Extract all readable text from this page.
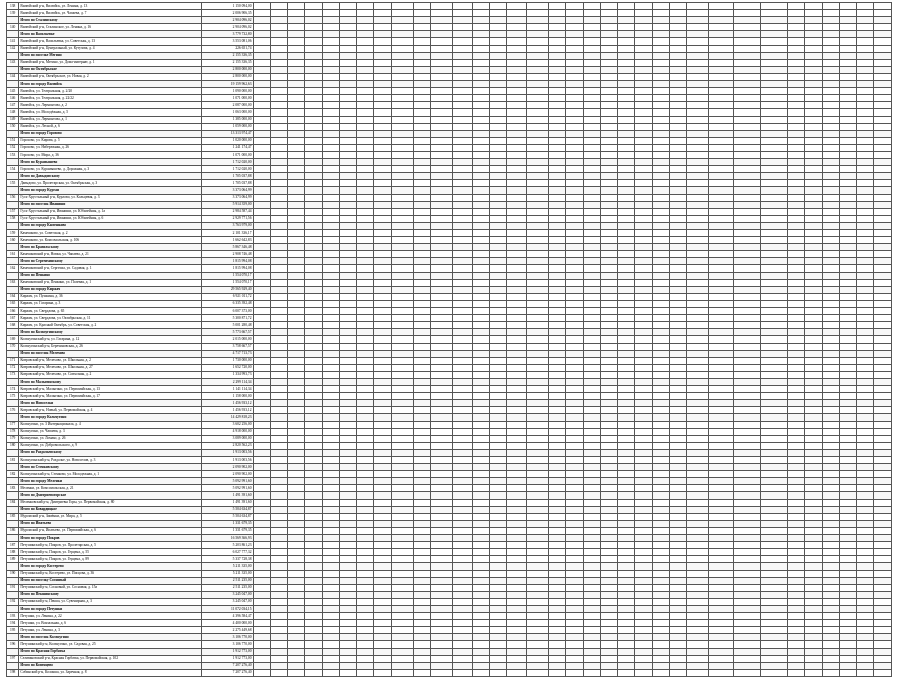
138	Вилюйский р-н, Вилюйск, ул. Ленина, д. 13	1 150 094,00																																		
139	Вилюйский р-н, Вилюйск, ул. Чапаева, д. 7	2 006 906,35																																		
	Итого по Сталинскому	2 904 096,02																																		
140	Вилюйский р-н, Сталинское, ул. Ленина, д. 16	2 904 096,02																																		
	Итого по Васильевке	3 779 732,80																																		
141	Вилюйский р-н, Васильевка, ул. Советская, д. 13	3 553 081,06																																		
142	Вилюйский р-н, Центральный, ул. Кутузова, д. 4	226 651,74																																		
	Итого по поселке Мегино	2 155 336,35																																		
143	Вилюйский р-н, Мегино, ул. Дома-интернат, д. 1	2 155 336,35																																		
	Итого по Октябрьское	2 800 000,00																																		
144	Вилюйский р-н, Октябрьское, ул. Новая, д. 2	2 800 000,00																																		
	Итого по городу Вилюйск	19 159 962,63																																		
145	Вилюйск, ул. Театральная, д. 2/20	1 090 000,00																																		
146	Вилюйск, ул. Театральная, д. 22/22	1 071 000,00																																		
147	Вилюйск, ул. Лермонтова, д. 2	2 087 000,00																																		
148	Вилюйск, ул. Молодёжная, д. 5	1 063 000,00																																		
149	Вилюйск, ул. Лермонтова, д. 1	1 385 000,00																																		
150	Вилюйск, ул. Лесной, д. 6	1 059 000,00																																		
	Итого по городу Горохово	13 313 974,47																																		
151	Горохово, ул. Кирова, д. 5	1 020 000,00																																		
152	Горохово, ул. Набережная, д. 26	1 241 174,47																																		
153	Горохово, ул. Мира, д. 36	1 071 000,00																																		
	Итого по Курамышево	1 712 020,00																																		
154	Горохово, ул. Курамышево, д. Дорожная, д. 3	1 712 020,00																																		
	Итого по Давыдовскому	1 705 037,88																																		
155	Давыдово, ул. Пролетарская, ул. Октябрьская, д. 3	1 705 037,88																																		
	Итого по городу Курган	3 373 064,99																																		
156	Гусь-Хрустальный р-н, Курлово, ул. Кольцевая, д. 3	3 373 064,99																																		
	Итого по поселок Иваниши	5 914 359,00																																		
157	Гусь-Хрустальный р-н, Иваниши, ул. Юбилейная, д. 1а	2 984 587,44																																		
158	Гусь-Хрустальный р-н, Иваниши, ул. Юбилейная, д. 6	2 929 771,56																																		
	Итого по городу Камешково	3 763 979,00																																		
159	Камешково, ул. Советская, д. 2	2 101 336,17																																		
160	Камешково, ул. Комсомольская, д. 106	1 662 642,83																																		
	Итого по Бразильскому	5 867 346,48																																		
161	Камешковский р-н, Новки, ул. Чапаева, д. 21	2 908 746,48																																		
	Итого по Сергеихинскому	1 815 994,08																																		
162	Камешковский р-н, Сергеиха, ул. Садовая, д. 1	1 815 994,08																																		
	Итого по Пенкино	1 554 070,17																																		
163	Камешковский р-н, Пенкино, ул. Полевая, д. 1	1 554 070,17																																		
	Итого по городу Киржач	29 565 929,40																																		
164	Киржач, ул. Пушкина, д. 36	6 921 011,72																																		
165	Киржач, ул. Гагарина, д. 3	6 335 392,48																																		
166	Киржач, ул. Свердлова, д. 65	6 007 373,00																																		
167	Киржач, ул. Свердлова, ул. Октябрьская, д. 11	5 300 871,72																																		
168	Киржач, ул. Красный Октябрь, ул. Советская, д. 2	5 001 280,48																																		
	Итого по Кольчугинскому	5 773 667,57																																		
169	Кольчугинский р-н, ул. Гагарина, д. 12	2 015 000,00																																		
170	Кольчугинский р-н, Беречиновская, д. 26	3 758 667,57																																		
	Итого по поселок Мелехово	4 717 713,73																																		
171	Ковровский р-н, Мелехово, ул. Школьная, д. 2	1 730 000,00																																		
172	Ковровский р-н, Мелехово, ул. Школьная, д. 27	1 652 720,00																																		
173	Ковровский р-н, Мелехово, ул. Совхозная, д. 2	1 334 993,73																																		
	Итого по Малыгинскому	2 299 114,34																																		
174	Ковровский р-н, Малыгино, ул. Первомайская, д. 13	1 141 114,34																																		
175	Ковровский р-н, Малыгино, ул. Первомайская, д. 17	1 158 000,00																																		
	Итого по Новоселки	1 456 933,12																																		
176	Ковровский р-н, Новый, ул. Первомайская, д. 4	1 456 933,12																																		
	Итого по городу Кольчугино	14 429 818,23																																		
177	Кольчугино, ул. 3 Интернационала, д. 4	3 602 256,00																																		
178	Кольчугино, ул. Чапаева, д. 3	4 918 000,00																																		
179	Кольчугино, ул. Ломако, д. 26	3 089 000,00																																		
180	Кольчугино, ул. Добровольского, д. 9	2 820 562,23																																		
	Итого по Раздольевскому	1 913 003,56																																		
181	Кольчугинский р-н, Раздолье, ул. Новоселов, д. 3	1 913 003,56																																		
	Итого по Стенковскому	2 090 902,00																																		
182	Кольчугинский р-н, Стенково, ул. Молодежная, д. 1	2 090 902,00																																		
	Итого по городу Меленки	5 092 991,60																																		
183	Меленки, ул. Комсомольская, д. 21	5 092 991,60																																		
	Итого по Дмитриевогорское	1 491 391,60																																		
184	Меленковский р-н, Дмитриевы Горы, ул. Первомайская, д. 80	1 491 391,60																																		
	Итого по Ковардицкое	5 504 634,87																																		
185	Муромский р-н, Зимёнки, ул. Мира, д. 5	5 504 634,87																																		
	Итого по Ипатьево	1 331 679,35																																		
186	Муромский р-н, Ипатьево, ул. Первомайская, д. 6	1 331 679,35																																		
	Итого по городу Покров	16 569 366,93																																		
187	Петушинский р-н, Покров, ул. Пролетарская, д. 5	5 203 861,23																																		
188	Петушинский р-н, Покров, ул. Герцена, д. 55	6 027 777,32																																		
189	Петушинский р-н, Покров, ул. Герцена, д. 89	5 337 728,38																																		
	Итого по городу Костерево	5 211 335,00																																		
190	Петушинский р-н, Костерево, ул. Писцова, д. 36	5 211 335,00																																		
	Итого по поселку Сосновый	2 511 235,00																																		
191	Петушинский р-н, Сосновый, ул. Сосновая, д. 15а	2 511 235,00																																		
	Итого по Пекшинскому	3 245 047,00																																		
192	Петушинский р-н, Пекша, ул. Сувенирная, д. 3	3 245 047,00																																		
	Итого по городу Петушки	11 072 034,15																																		
193	Петушки, ул. Ленина, д. 22	4 396 584,47																																		
194	Петушки, ул. Вокзальная, д. 6	4 400 000,00																																		
195	Петушки, ул. Ленина, д. 3	2 275 449,68																																		
	Итого по поселок Кольчугино	3 106 770,00																																		
196	Петушинский р-н, Кольчугино, ул. Садовая, д. 25	3 106 770,00																																		
	Итого по Красная Горбатка	1 912 773,00																																		
197	Селивановский р-н, Красная Горбатка, ул. Первомайская, д. 102	1 912 773,00																																		
	Итого по Копенцево	7 207 276,40																																		
198	Собинский р-н, Колокша, ул. Заречная, д. 8	7 207 276,40																																		
